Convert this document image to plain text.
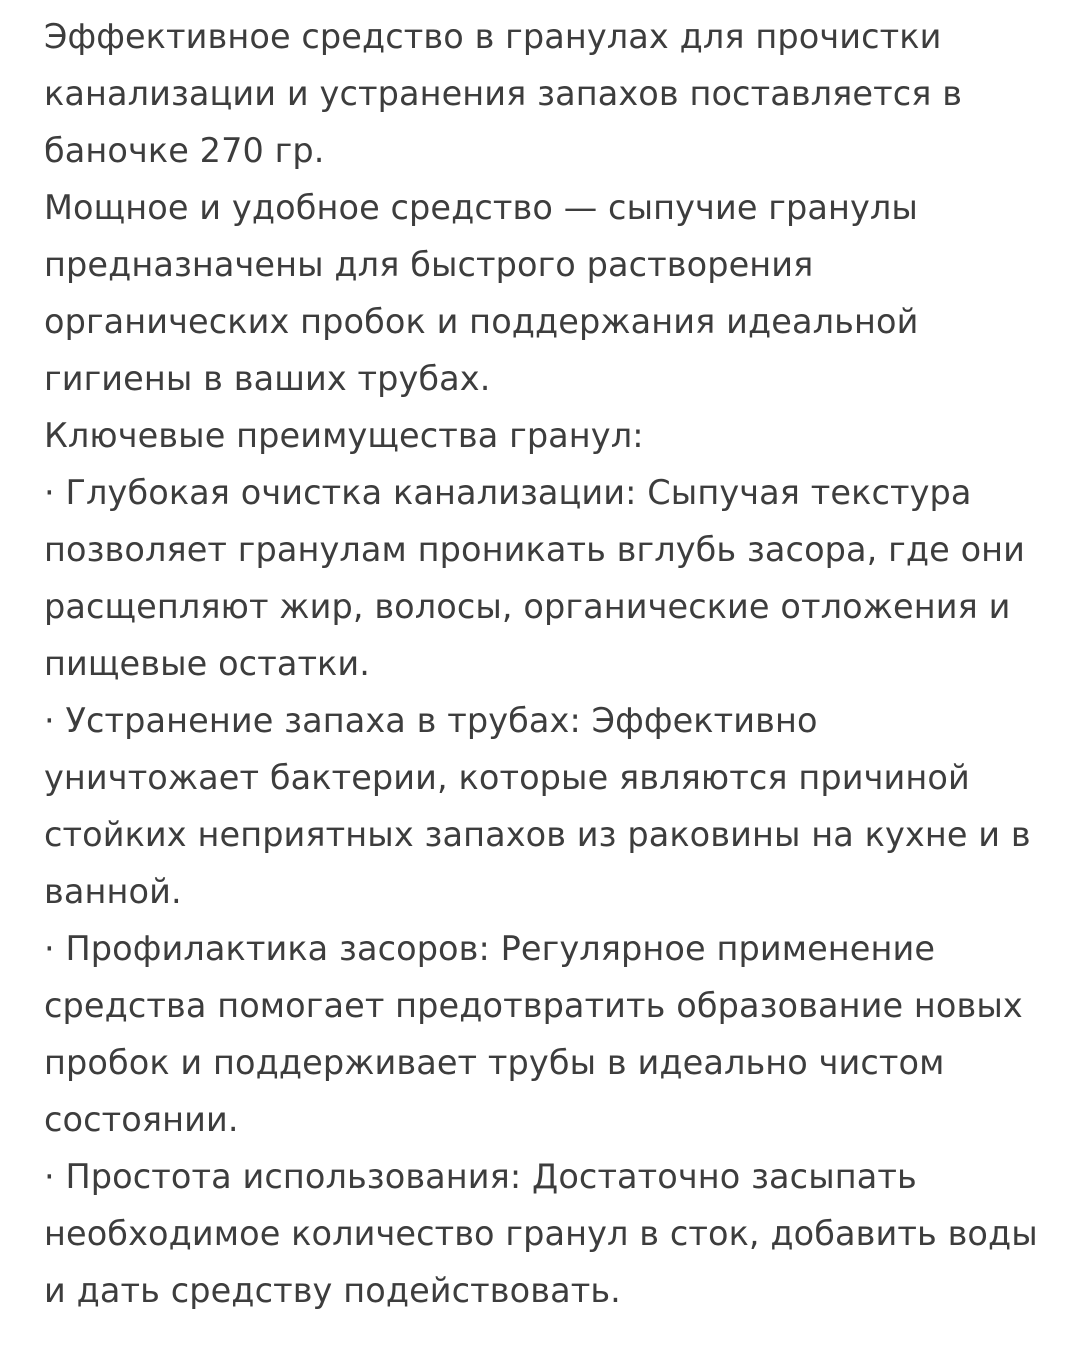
Эффективное средство в гранулах для прочистки канализации и устранения запахов поставляется в баночке 270 гр.

Мощное и удобное средство — сыпучие гранулы предназначены для быстрого растворения органических пробок и поддержания идеальной гигиены в ваших трубах.

Ключевые преимущества гранул:

· Глубокая очистка канализации: Сыпучая текстура позволяет гранулам проникать вглубь засора, где они расщепляют жир, волосы, органические отложения и пищевые остатки.

· Устранение запаха в трубах: Эффективно уничтожает бактерии, которые являются причиной стойких неприятных запахов из раковины на кухне и в ванной.

· Профилактика засоров: Регулярное применение средства помогает предотвратить образование новых пробок и поддерживает трубы в идеально чистом состоянии.

· Простота использования: Достаточно засыпать необходимое количество гранул в сток, добавить воды и дать средству подействовать.
